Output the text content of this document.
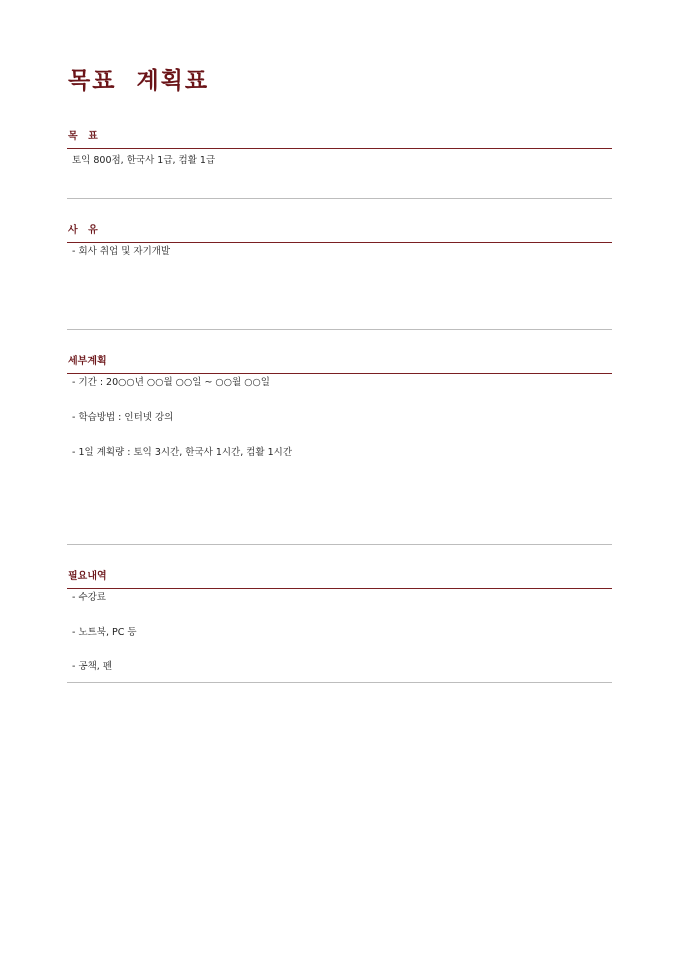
목표  계획표
목   표
토익 800점, 한국사 1급, 컴활 1급
사   유
- 회사 취업 및 자기개발
세부계획
- 기간 : 20○○년 ○○월 ○○일 ~ ○○월 ○○일
- 학습방법 : 인터넷 강의
- 1일 계획량 : 토익 3시간, 한국사 1시간, 컴활 1시간
필요내역
- 수강료
- 노트북, PC 등
- 공책, 펜
